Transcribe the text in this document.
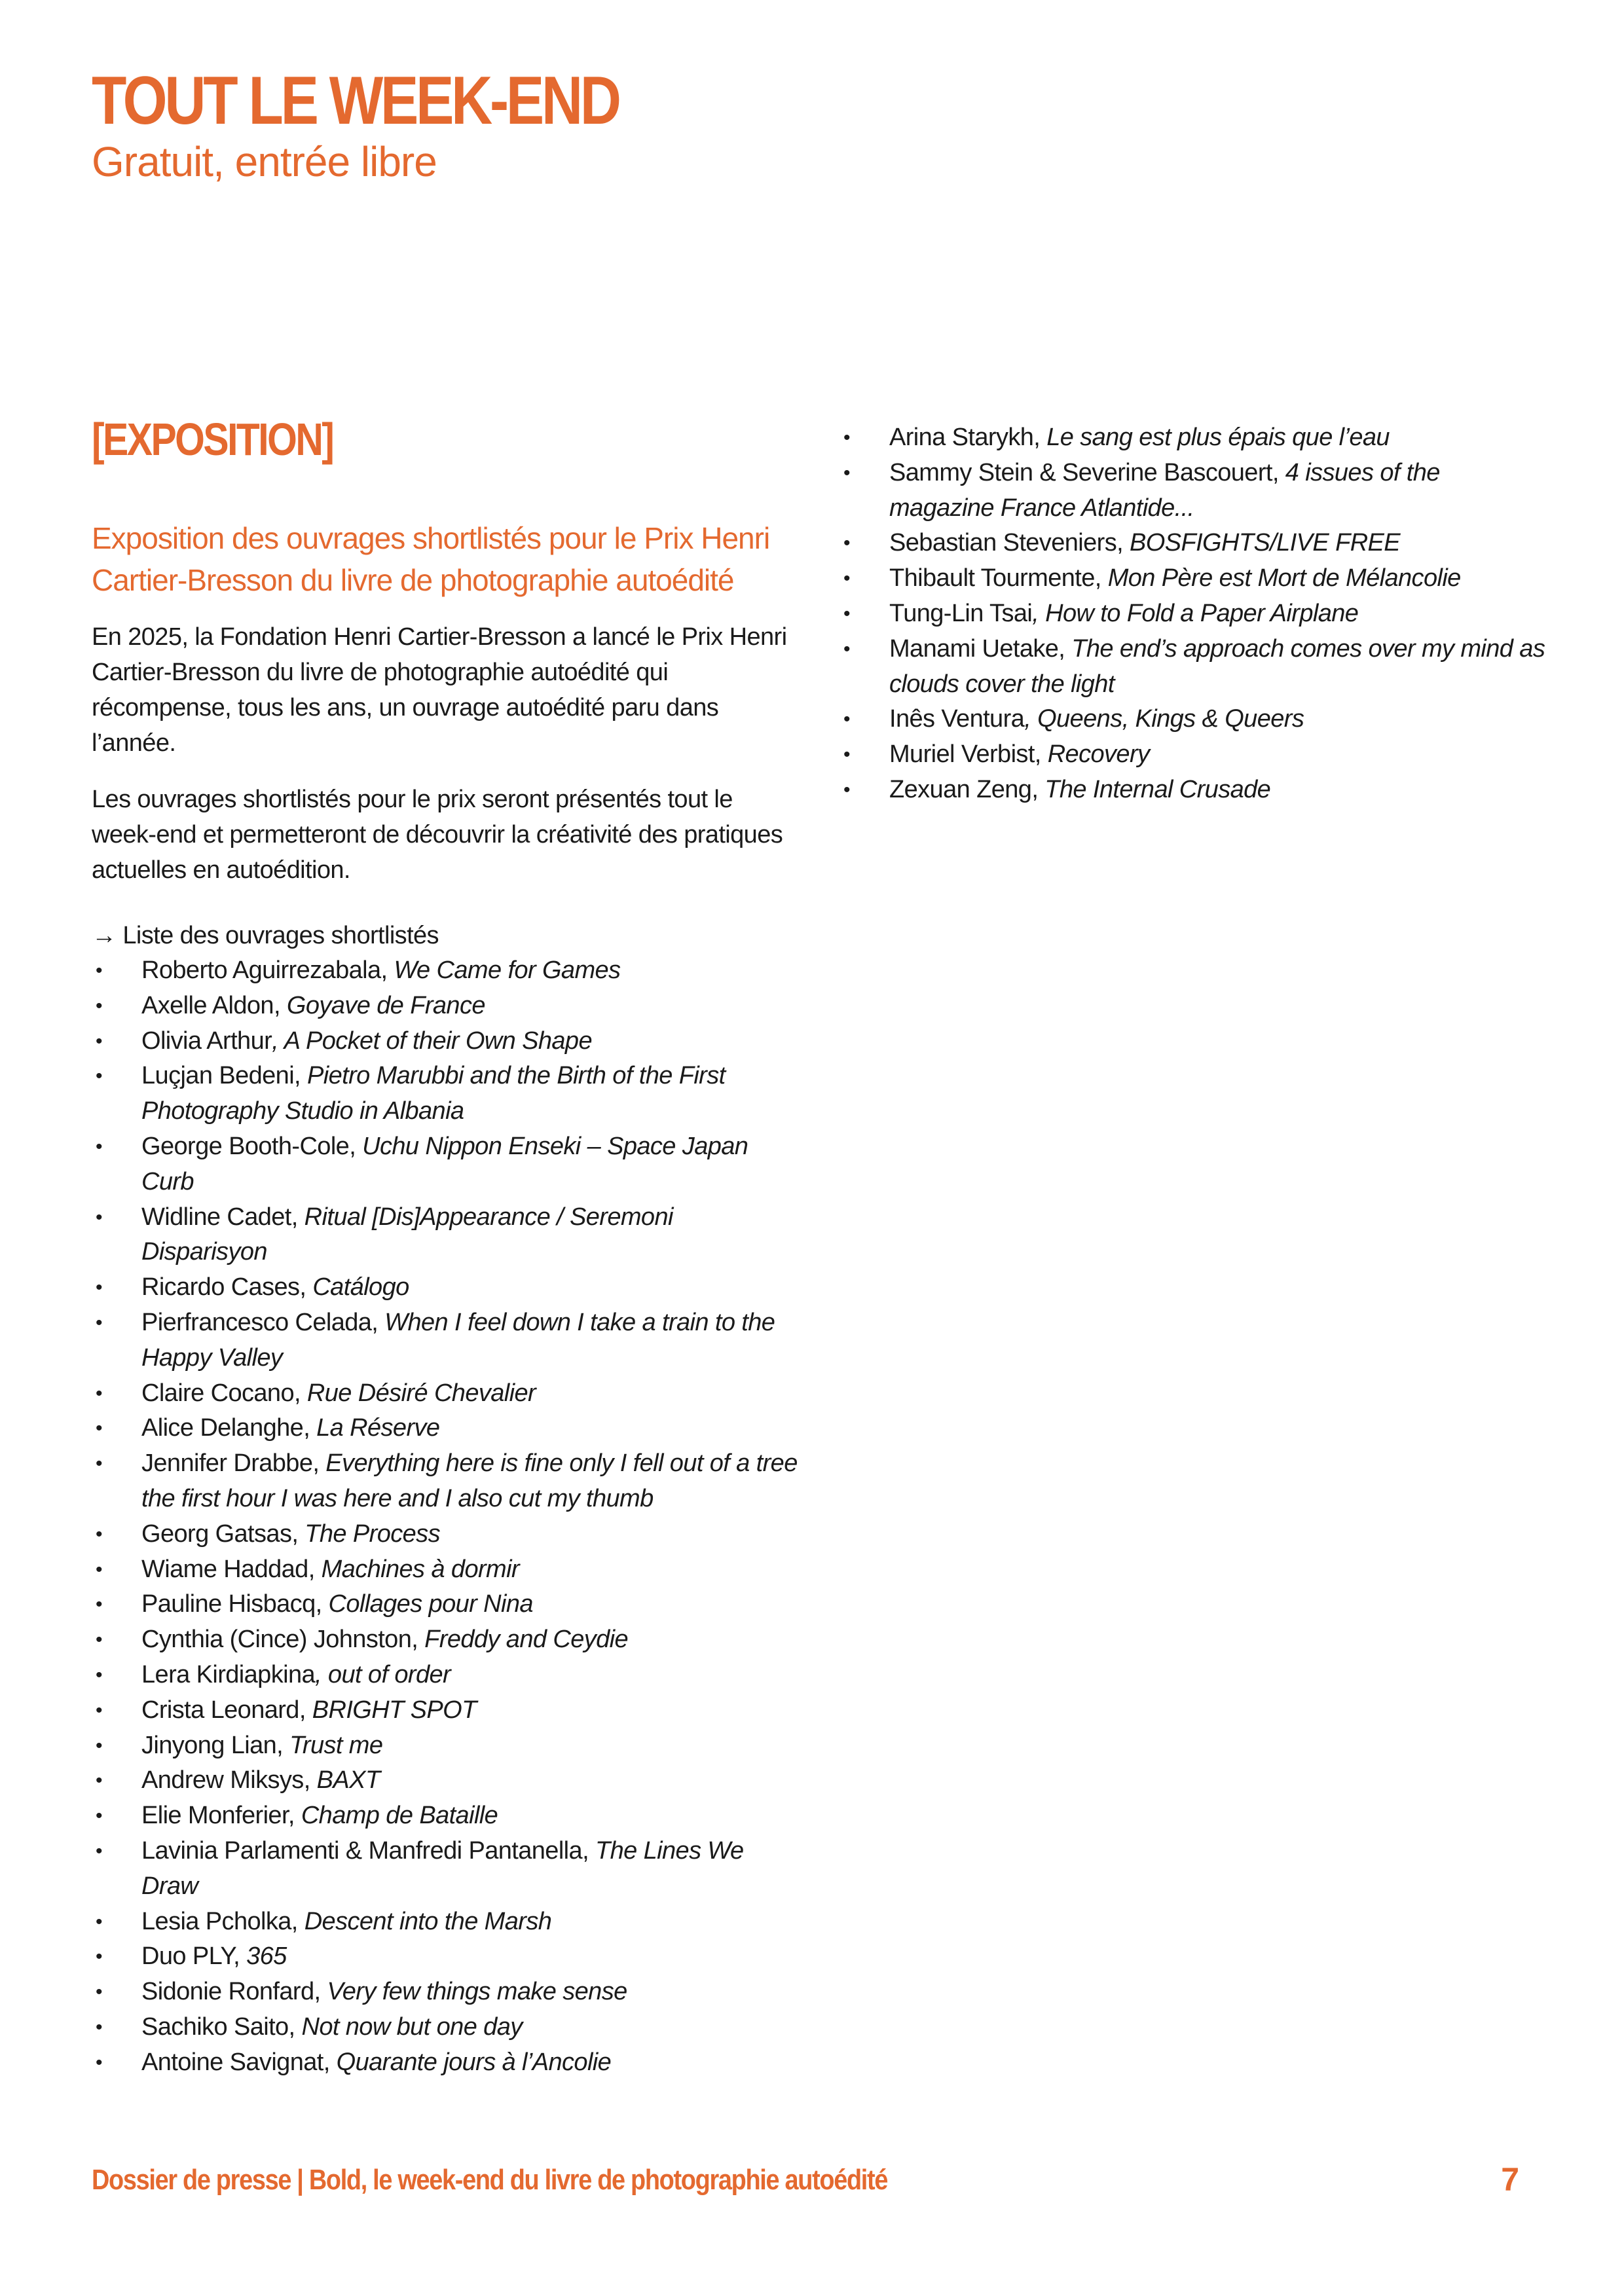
TOUT LE WEEK-END
Gratuit, entrée libre
[EXPOSITION]
Exposition des ouvrages shortlistés pour le Prix Henri Cartier-Bresson du livre de photographie autoédité

En 2025, la Fondation Henri Cartier-Bresson a lancé le Prix Henri Cartier-Bresson du livre de photographie autoédité qui récompense, tous les ans, un ouvrage autoédité paru dans l’année.

Les ouvrages shortlistés pour le prix seront présentés tout le week-end et permetteront de découvrir la créativité des pratiques actuelles en autoédition.

→ Liste des ouvrages shortlistés

• Roberto Aguirrezabala, We Came for Games
• Axelle Aldon, Goyave de France
• Olivia Arthur, A Pocket of their Own Shape
• Luçjan Bedeni, Pietro Marubbi and the Birth of the First Photography Studio in Albania
• George Booth-Cole, Uchu Nippon Enseki – Space Japan Curb
• Widline Cadet, Ritual [Dis]Appearance / Seremoni Disparisyon
• Ricardo Cases, Catálogo
• Pierfrancesco Celada, When I feel down I take a train to the Happy Valley
• Claire Cocano, Rue Désiré Chevalier
• Alice Delanghe, La Réserve
• Jennifer Drabbe, Everything here is fine only I fell out of a tree the first hour I was here and I also cut my thumb
• Georg Gatsas, The Process
• Wiame Haddad, Machines à dormir
• Pauline Hisbacq, Collages pour Nina
• Cynthia (Cince) Johnston, Freddy and Ceydie
• Lera Kirdiapkina, out of order
• Crista Leonard, BRIGHT SPOT
• Jinyong Lian, Trust me
• Andrew Miksys, BAXT
• Elie Monferier, Champ de Bataille
• Lavinia Parlamenti & Manfredi Pantanella, The Lines We Draw
• Lesia Pcholka, Descent into the Marsh
• Duo PLY, 365
• Sidonie Ronfard, Very few things make sense
• Sachiko Saito, Not now but one day
• Antoine Savignat, Quarante jours à l’Ancolie
• Arina Starykh, Le sang est plus épais que l’eau
• Sammy Stein & Severine Bascouert, 4 issues of the magazine France Atlantide...
• Sebastian Steveniers, BOSFIGHTS/LIVE FREE
• Thibault Tourmente, Mon Père est Mort de Mélancolie
• Tung-Lin Tsai, How to Fold a Paper Airplane
• Manami Uetake, The end’s approach comes over my mind as clouds cover the light
• Inês Ventura, Queens, Kings & Queers
• Muriel Verbist, Recovery
• Zexuan Zeng, The Internal Crusade

Dossier de presse | Bold, le week-end du livre de photographie autoédité	7
